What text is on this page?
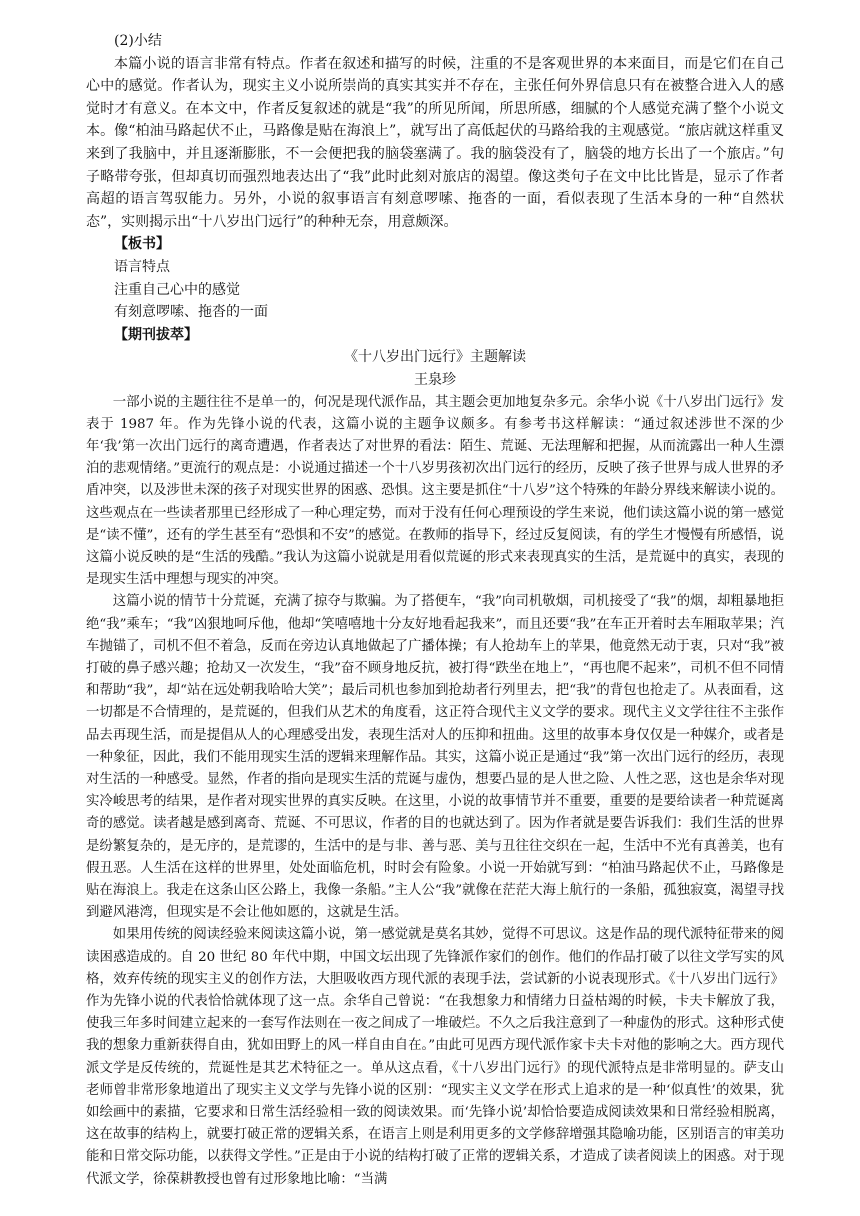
(2)小结

本篇小说的语言非常有特点。作者在叙述和描写的时候，注重的不是客观世界的本来面目，而是它们在自己心中的感觉。作者认为，现实主义小说所崇尚的真实其实并不存在，主张任何外界信息只有在被整合进入人的感觉时才有意义。在本文中，作者反复叙述的就是“我”的所见所闻，所思所感，细腻的个人感觉充满了整个小说文本。像“柏油马路起伏不止，马路像是贴在海浪上”，就写出了高低起伏的马路给我的主观感觉。“旅店就这样重叉来到了我脑中，并且逐渐膨胀，不一会便把我的脑袋塞满了。我的脑袋没有了，脑袋的地方长出了一个旅店。”句子略带夸张，但却真切而强烈地表达出了“我”此时此刻对旅店的渴望。像这类句子在文中比比皆是，显示了作者高超的语言驾驭能力。另外，小说的叙事语言有刻意啰嗦、拖沓的一面，看似表现了生活本身的一种“自然状态”，实则揭示出“十八岁出门远行”的种种无奈，用意颇深。

【板书】

语言特点

注重自己心中的感觉

有刻意啰嗦、拖沓的一面

【期刊拔萃】

《十八岁出门远行》主题解读

王泉珍

一部小说的主题往往不是单一的，何况是现代派作品，其主题会更加地复杂多元。余华小说《十八岁出门远行》发表于 1987 年。作为先锋小说的代表，这篇小说的主题争议颇多。有参考书这样解读：“通过叙述涉世不深的少年‘我’第一次出门远行的离奇遭遇，作者表达了对世界的看法：陌生、荒诞、无法理解和把握，从而流露出一种人生漂泊的悲观情绪。”更流行的观点是：小说通过描述一个十八岁男孩初次出门远行的经历，反映了孩子世界与成人世界的矛盾冲突，以及涉世未深的孩子对现实世界的困惑、恐惧。这主要是抓住“十八岁”这个特殊的年龄分界线来解读小说的。这些观点在一些读者那里已经形成了一种心理定势，而对于没有任何心理预设的学生来说，他们读这篇小说的第一感觉是“读不懂”，还有的学生甚至有“恐惧和不安”的感觉。在教师的指导下，经过反复阅读，有的学生才慢慢有所感悟，说这篇小说反映的是“生活的残酷。”我认为这篇小说就是用看似荒诞的形式来表现真实的生活，是荒诞中的真实，表现的是现实生活中理想与现实的冲突。

这篇小说的情节十分荒诞，充满了掠夺与欺骗。为了搭便车，“我”向司机敬烟，司机接受了“我”的烟，却粗暴地拒绝“我”乘车；“我”凶狠地呵斥他，他却“笑嘻嘻地十分友好地看起我来”，而且还要“我”在车正开着时去车厢取苹果；汽车抛锚了，司机不但不着急，反而在旁边认真地做起了广播体操；有人抢劫车上的苹果，他竟然无动于衷，只对“我”被打破的鼻子感兴趣；抢劫又一次发生，“我”奋不顾身地反抗，被打得“跌坐在地上”，“再也爬不起来”，司机不但不同情和帮助“我”，却“站在远处朝我哈哈大笑”；最后司机也参加到抢劫者行列里去，把“我”的背包也抢走了。从表面看，这一切都是不合情理的，是荒诞的，但我们从艺术的角度看，这正符合现代主义文学的要求。现代主义文学往往不主张作品去再现生活，而是提倡从人的心理感受出发，表现生活对人的压抑和扭曲。这里的故事本身仅仅是一种媒介，或者是一种象征，因此，我们不能用现实生活的逻辑来理解作品。其实，这篇小说正是通过“我”第一次出门远行的经历，表现对生活的一种感受。显然，作者的指向是现实生活的荒诞与虚伪，想要凸显的是人世之险、人性之恶，这也是余华对现实冷峻思考的结果，是作者对现实世界的真实反映。在这里，小说的故事情节并不重要，重要的是要给读者一种荒诞离奇的感觉。读者越是感到离奇、荒诞、不可思议，作者的目的也就达到了。因为作者就是要告诉我们：我们生活的世界是纷繁复杂的，是无序的，是荒谬的，生活中的是与非、善与恶、美与丑往往交织在一起，生活中不光有真善美，也有假丑恶。人生活在这样的世界里，处处面临危机，时时会有险象。小说一开始就写到：“柏油马路起伏不止，马路像是贴在海浪上。我走在这条山区公路上，我像一条船。”主人公“我”就像在茫茫大海上航行的一条船，孤独寂寞，渴望寻找到避风港湾，但现实是不会让他如愿的，这就是生活。

如果用传统的阅读经验来阅读这篇小说，第一感觉就是莫名其妙，觉得不可思议。这是作品的现代派特征带来的阅读困惑造成的。自 20 世纪 80 年代中期，中国文坛出现了先锋派作家们的创作。他们的作品打破了以往文学写实的风格，效弃传统的现实主义的创作方法，大胆吸收西方现代派的表现手法，尝试新的小说表现形式。《十八岁出门远行》作为先锋小说的代表恰恰就体现了这一点。余华自己曾说：“在我想象力和情绪力日益枯竭的时候，卡夫卡解放了我，使我三年多时间建立起来的一套写作法则在一夜之间成了一堆破烂。不久之后我注意到了一种虚伪的形式。这种形式使我的想象力重新获得自由，犹如田野上的风一样自由自在。”由此可见西方现代派作家卡夫卡对他的影响之大。西方现代派文学是反传统的，荒诞性是其艺术特征之一。单从这点看，《十八岁出门远行》的现代派特点是非常明显的。萨支山老师曾非常形象地道出了现实主义文学与先锋小说的区别：“现实主义文学在形式上追求的是一种‘似真性’的效果，犹如绘画中的素描，它要求和日常生活经验相一致的阅读效果。而‘先锋小说’却恰恰要造成阅读效果和日常经验相脱离，这在故事的结构上，就要打破正常的逻辑关系，在语言上则是利用更多的文学修辞增强其隐喻功能，区别语言的审美功能和日常交际功能，以获得文学性。”正是由于小说的结构打破了正常的逻辑关系，才造成了读者阅读上的困惑。对于现代派文学，徐葆耕教授也曾有过形象地比喻：“当满
